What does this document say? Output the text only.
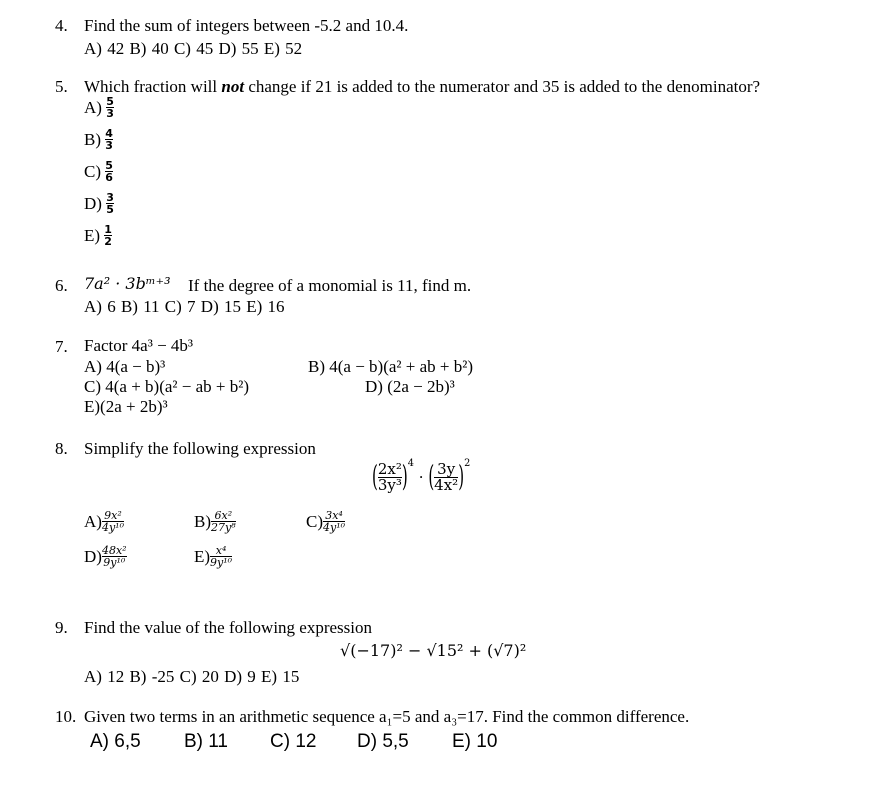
4. Find the sum of integers between -5.2 and 10.4.
A) 42 B) 40 C) 45 D) 55 E) 52
5. Which fraction will not change if 21 is added to the numerator and 35 is added to the denominator?
$A) \frac{5}{3}$
$B) \frac{4}{3}$
$C) \frac{5}{6}$
$D) \frac{3}{5}$
$E) \frac{1}{2}$
6. 7a² · 3bᵐ⁺³ If the degree of a monomial is 11, find m.
A) 6 B) 11 C) 7 D) 15 E) 16
7. Factor 4a³ − 4b³
A) 4(a − b)³	B) 4(a − b)(a² + ab + b²)
C) 4(a + b)(a² − ab + b²)	D) (2a − 2b)³
E)(2a + 2b)³
8. Simplify the following expression
( $\frac{\text{2x²}}{\text{3y³}} )^4$ · ( $\frac{3y}{\text{4x²}} )^2$
$A) \frac{\text{9x²}}{\text{4y¹⁰}}$	$B) \frac{\text{6x²}}{\text{27y⁸}}$	$C) \frac{\text{3x⁴}}{\text{4y¹⁰}}$
$D) \frac{\text{48x²}}{\text{9y¹⁰}}$	$E) \frac{\text{x⁴}}{\text{9y¹⁰}}$
9. Find the value of the following expression
√(−17)² − √15² + (√7)²
A) 12 B) -25 C) 20 D) 9 E) 15
10. Given two terms in an arithmetic sequence a₁=5 and a₃=17. Find the common difference.
A) 6,5 B) 11 C) 12 D) 5,5 E) 10
